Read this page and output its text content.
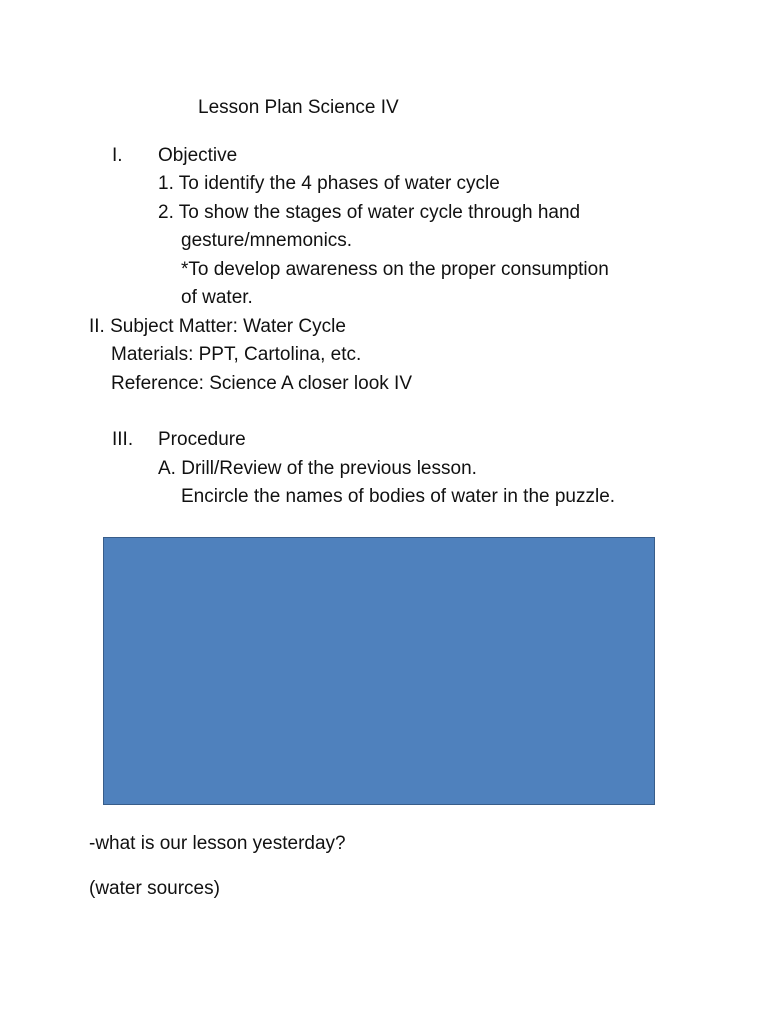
Lesson Plan Science IV
I. Objective
1. To identify the 4 phases of water cycle
2. To show the stages of water cycle through hand
gesture/mnemonics.
*To develop awareness on the proper consumption
of water.
II. Subject Matter: Water Cycle
Materials: PPT, Cartolina, etc.
Reference: Science A closer look IV
III. Procedure
A. Drill/Review of the previous lesson.
Encircle the names of bodies of water in the puzzle.
-what is our lesson yesterday?
(water sources)
